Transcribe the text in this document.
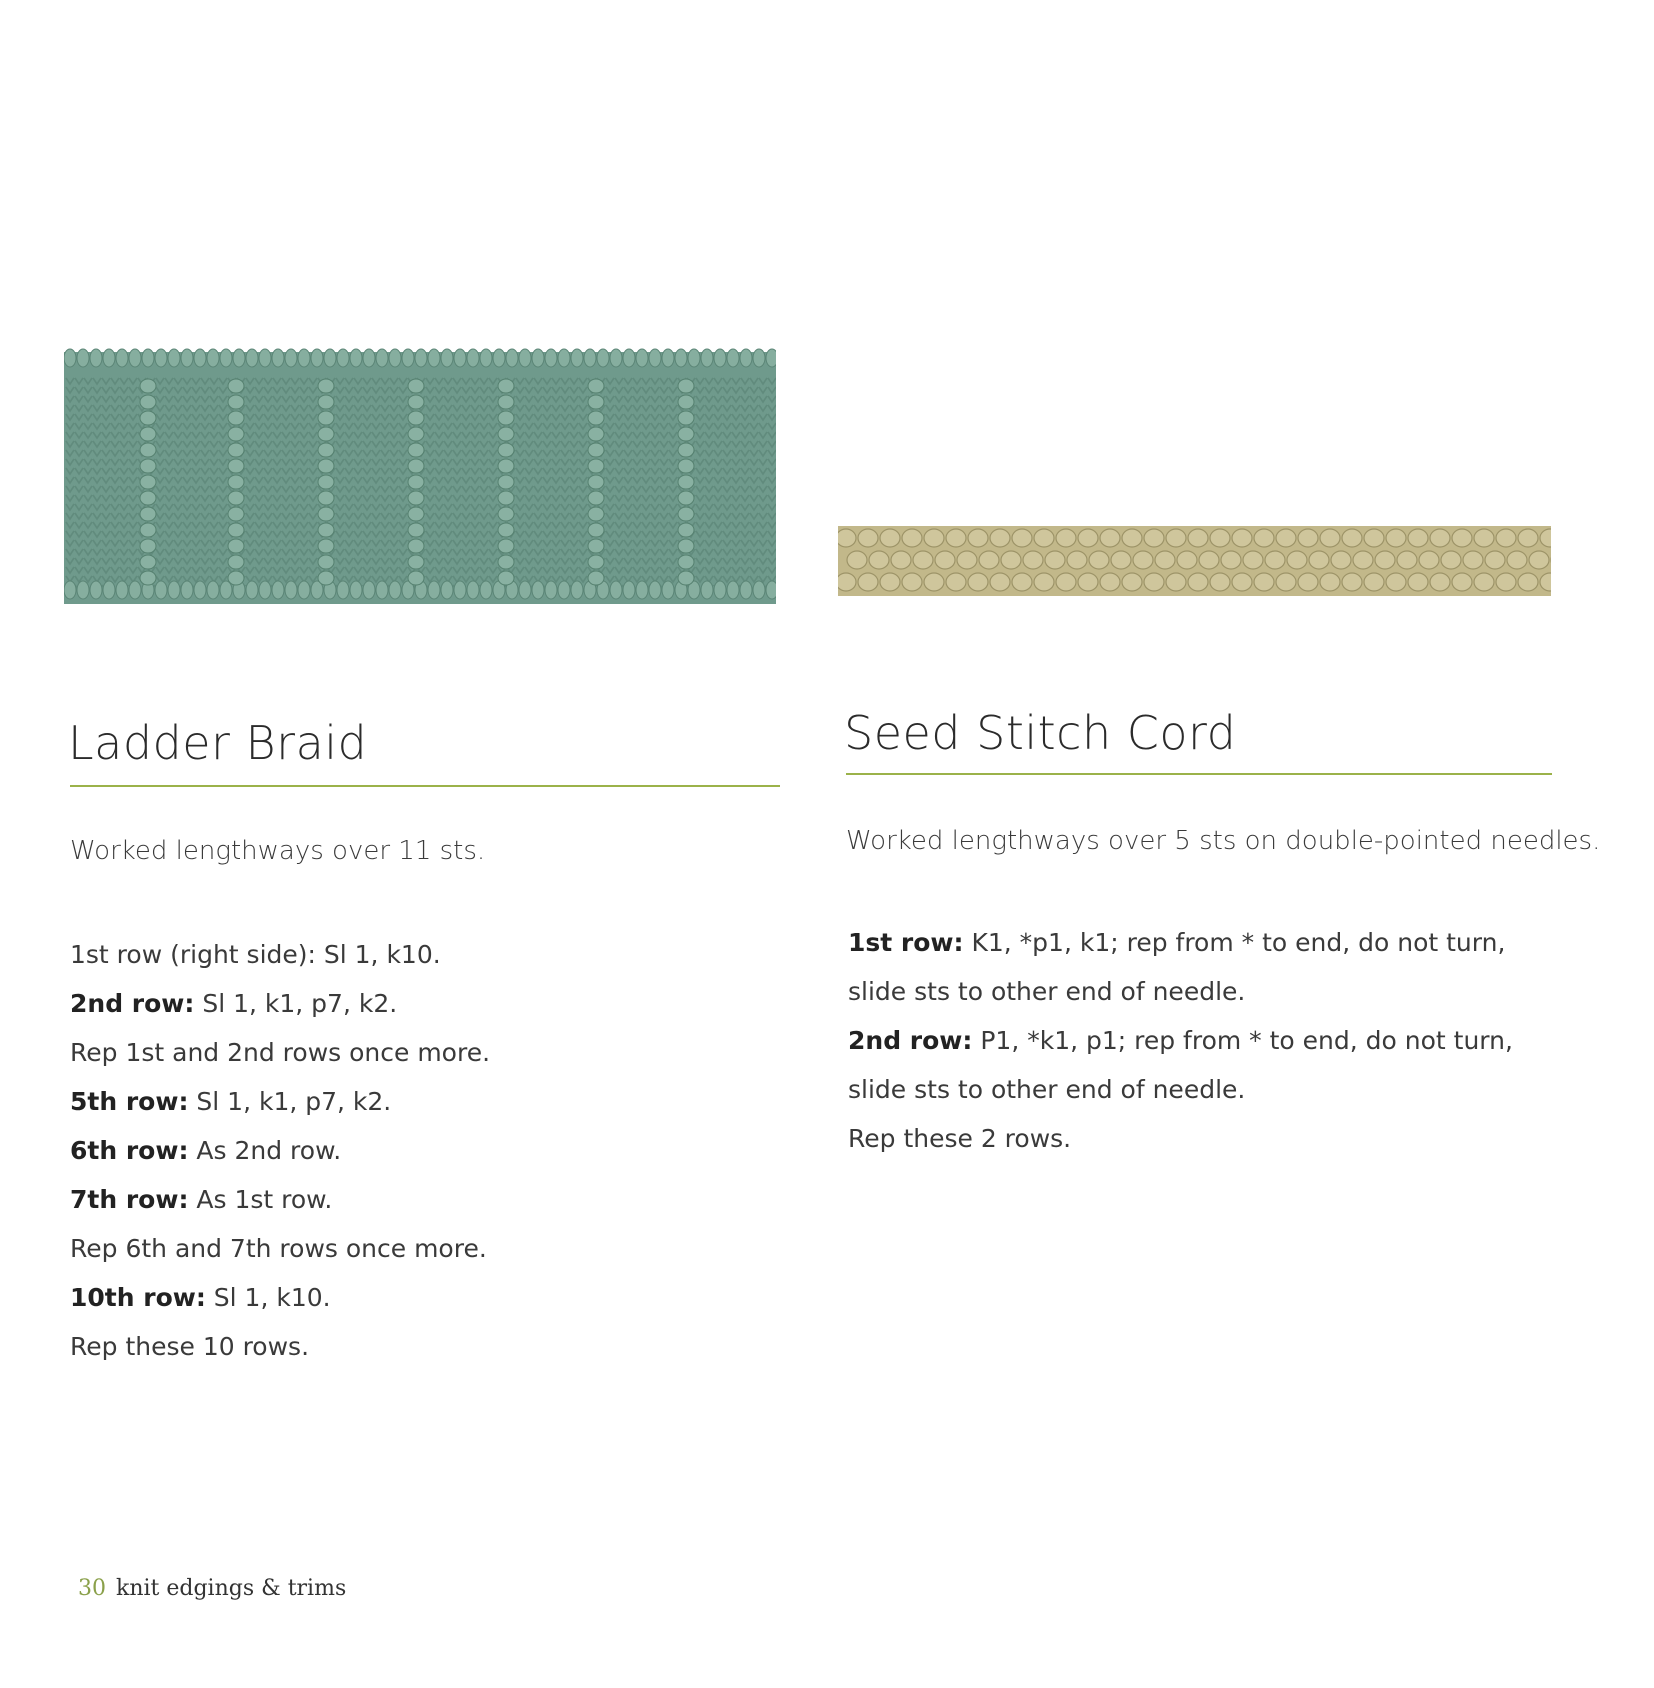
Ladder Braid
Worked lengthways over 11 sts.
1st row (right side): Sl 1, k10.
2nd row: Sl 1, k1, p7, k2.
Rep 1st and 2nd rows once more.
5th row: Sl 1, k1, p7, k2.
6th row: As 2nd row.
7th row: As 1st row.
Rep 6th and 7th rows once more.
10th row: Sl 1, k10.
Rep these 10 rows.
Seed Stitch Cord
Worked lengthways over 5 sts on double-pointed needles.
1st row: K1, *p1, k1; rep from * to end, do not turn, slide sts to other end of needle.
2nd row: P1, *k1, p1; rep from * to end, do not turn, slide sts to other end of needle.
Rep these 2 rows.
30 knit edgings & trims
